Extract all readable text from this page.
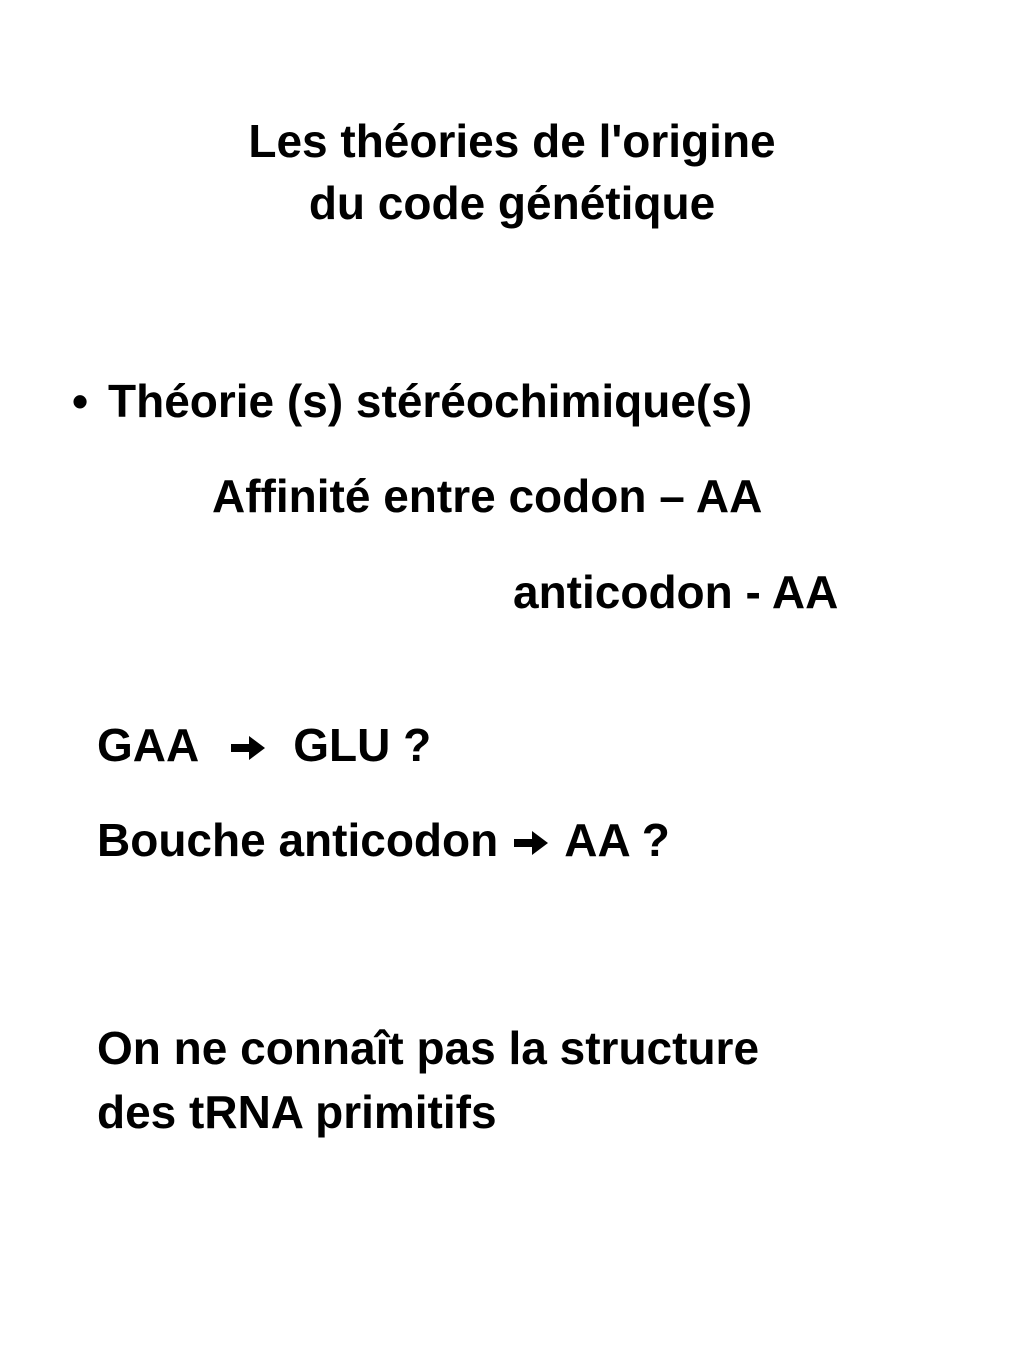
Les théories de l'origine
du code génétique
• Théorie (s) stéréochimique(s)
Affinité entre codon – AA
anticodon - AA
GAA GLU ?
Bouche anticodon AA ?
On ne connaît pas la structure
des tRNA primitifs
